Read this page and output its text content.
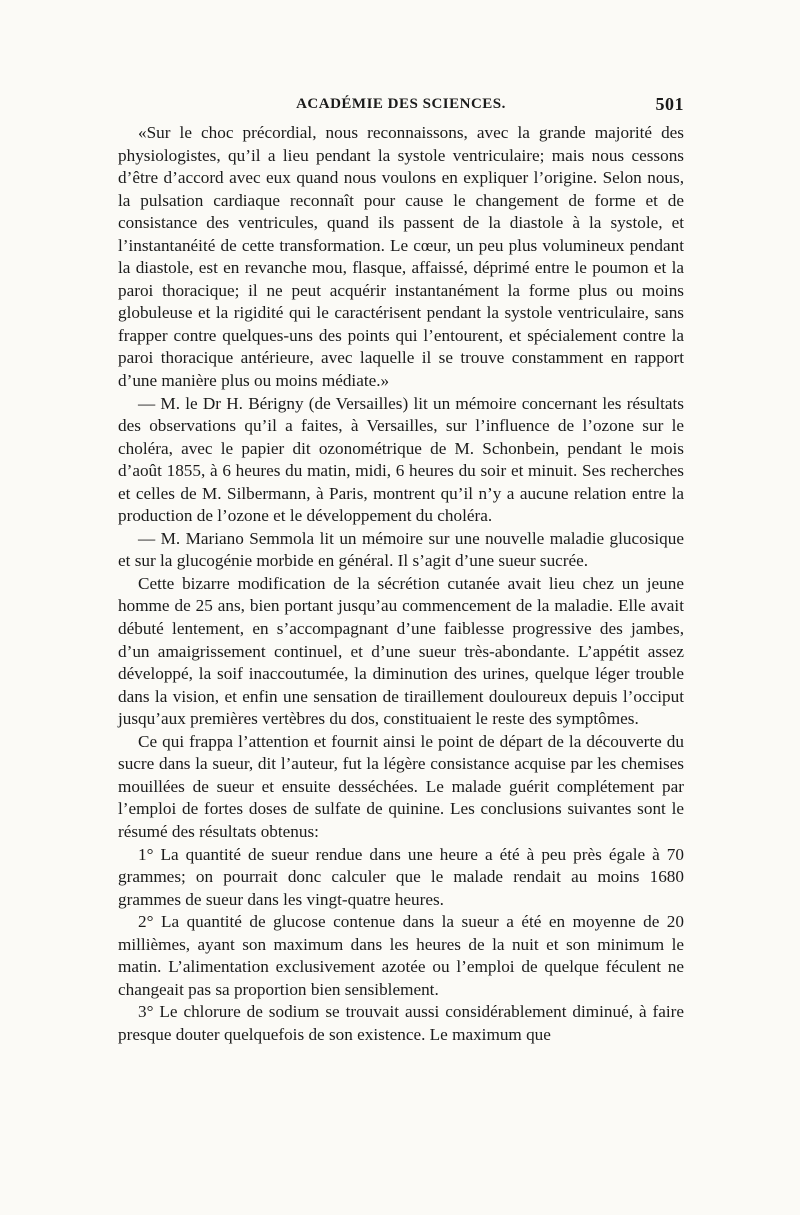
ACADÉMIE DES SCIENCES.	501

«Sur le choc précordial, nous reconnaissons, avec la grande majorité des physiologistes, qu’il a lieu pendant la systole ventriculaire; mais nous cessons d’être d’accord avec eux quand nous voulons en expliquer l’origine. Selon nous, la pulsation cardiaque reconnaît pour cause le changement de forme et de consistance des ventricules, quand ils passent de la diastole à la systole, et l’instantanéité de cette transformation. Le cœur, un peu plus volumineux pendant la diastole, est en revanche mou, flasque, affaissé, déprimé entre le poumon et la paroi thoracique; il ne peut acquérir instantanément la forme plus ou moins globuleuse et la rigidité qui le caractérisent pendant la systole ventriculaire, sans frapper contre quelques-uns des points qui l’entourent, et spécialement contre la paroi thoracique antérieure, avec laquelle il se trouve constamment en rapport d’une manière plus ou moins médiate.»

— M. le Dr H. Bérigny (de Versailles) lit un mémoire concernant les résultats des observations qu’il a faites, à Versailles, sur l’influence de l’ozone sur le choléra, avec le papier dit ozonométrique de M. Schonbein, pendant le mois d’août 1855, à 6 heures du matin, midi, 6 heures du soir et minuit. Ses recherches et celles de M. Silbermann, à Paris, montrent qu’il n’y a aucune relation entre la production de l’ozone et le développement du choléra.

— M. Mariano Semmola lit un mémoire sur une nouvelle maladie glucosique et sur la glucogénie morbide en général. Il s’agit d’une sueur sucrée.

Cette bizarre modification de la sécrétion cutanée avait lieu chez un jeune homme de 25 ans, bien portant jusqu’au commencement de la maladie. Elle avait débuté lentement, en s’accompagnant d’une faiblesse progressive des jambes, d’un amaigrissement continuel, et d’une sueur très-abondante. L’appétit assez développé, la soif inaccoutumée, la diminution des urines, quelque léger trouble dans la vision, et enfin une sensation de tiraillement douloureux depuis l’occiput jusqu’aux premières vertèbres du dos, constituaient le reste des symptômes.

Ce qui frappa l’attention et fournit ainsi le point de départ de la découverte du sucre dans la sueur, dit l’auteur, fut la légère consistance acquise par les chemises mouillées de sueur et ensuite desséchées. Le malade guérit complétement par l’emploi de fortes doses de sulfate de quinine. Les conclusions suivantes sont le résumé des résultats obtenus:

1° La quantité de sueur rendue dans une heure a été à peu près égale à 70 grammes; on pourrait donc calculer que le malade rendait au moins 1680 grammes de sueur dans les vingt-quatre heures.

2° La quantité de glucose contenue dans la sueur a été en moyenne de 20 millièmes, ayant son maximum dans les heures de la nuit et son minimum le matin. L’alimentation exclusivement azotée ou l’emploi de quelque féculent ne changeait pas sa proportion bien sensiblement.

3° Le chlorure de sodium se trouvait aussi considérablement diminué, à faire presque douter quelquefois de son existence. Le maximum que
